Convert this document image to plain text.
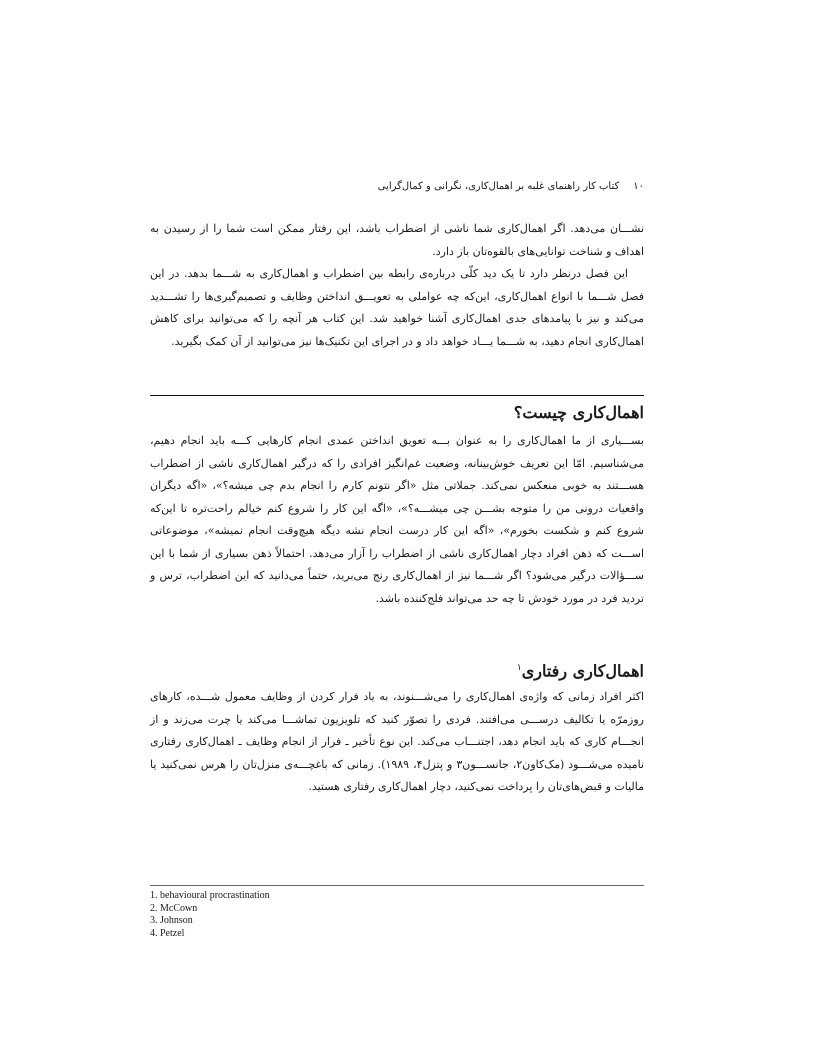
۱۰کتاب کار راهنمای غلبه بر اهمال‌کاری، نگرانی و کمال‌گرایی

نشـــان می‌دهد. اگر اهمال‌کاری شما ناشی از اضطراب باشد، این رفتار ممکن است شما را از رسیدن به اهداف و شناخت توانایی‌های بالقوه‌تان باز دارد.

این فصل درنظر دارد تا یک دید کلّی درباره‌ی رابطه بین اضطراب و اهمال‌کاری به شـــما بدهد. در این فصل شـــما با انواع اهمال‌کاری، این‌که چه عواملی به تعویـــق انداختن وظایف و تصمیم‌گیری‌ها را تشـــدید می‌کند و نیز با پیامدهای جدی اهمال‌کاری آشنا خواهید شد. این کتاب هر آنچه را که می‌توانید برای کاهش اهمال‌کاری انجام دهید، به شـــما یـــاد خواهد داد و در اجرای این تکنیک‌ها نیز می‌توانید از آن کمک بگیرید.

اهمال‌کاری چیست؟

بســـیاری از ما اهمال‌کاری را به عنوان بـــه تعویق انداختن عمدی انجام کارهایی کـــه باید انجام دهیم، می‌شناسیم. امّا این تعریف خوش‌بینانه، وضعیت غم‌انگیز افرادی را که درگیر اهمال‌کاری ناشی از اضطراب هســـتند به خوبی منعکس نمی‌کند. جملاتی مثل «اگر نتونم کارم را انجام بدم چی میشه؟»، «اگه دیگران واقعیات درونی من را متوجه بشـــن چی میشـــه؟»، «اگه این کار را شروع کنم خیالم راحت‌تره تا این‌که شروع کنم و شکست بخورم»، «اگه این کار درست انجام نشه دیگه هیچ‌وقت انجام نمیشه»، موضوعاتی اســـت که ذهن افراد دچار اهمال‌کاری ناشی از اضطراب را آزار می‌دهد. احتمالاً ذهن بسیاری از شما با این ســـؤالات درگیر می‌شود؟ اگر شـــما نیز از اهمال‌کاری رنج می‌برید، حتماً می‌دانید که این اضطراب، ترس و تردید فرد در مورد خودش تا چه حد می‌تواند فلج‌کننده باشد.

اهمال‌کاری رفتاری$^۱$

اکثر افراد زمانی که واژه‌ی اهمال‌کاری را می‌شـــنوند، به یاد فرار کردن از وظایف معمول شـــده، کارهای روزمرّه یا تکالیف درســـی می‌افتند. فردی را تصوّر کنید که تلویزیون تماشـــا می‌کند یا چرت می‌زند و از انجـــام کاری که باید انجام دهد، اجتنـــاب می‌کند. این نوع تأخیر ـ فرار از انجام وظایف ـ اهمال‌کاری رفتاری نامیده می‌شـــود (مک‌کاون۲، جانســـون۳ و پتزل۴، ۱۹۸۹). زمانی که باغچـــه‌ی منزل‌تان را هرس نمی‌کنید یا مالیات و قبض‌های‌تان را پرداخت نمی‌کنید، دچار اهمال‌کاری رفتاری هستید.

1. behavioural procrastination
2. McCown
3. Johnson
4. Petzel
